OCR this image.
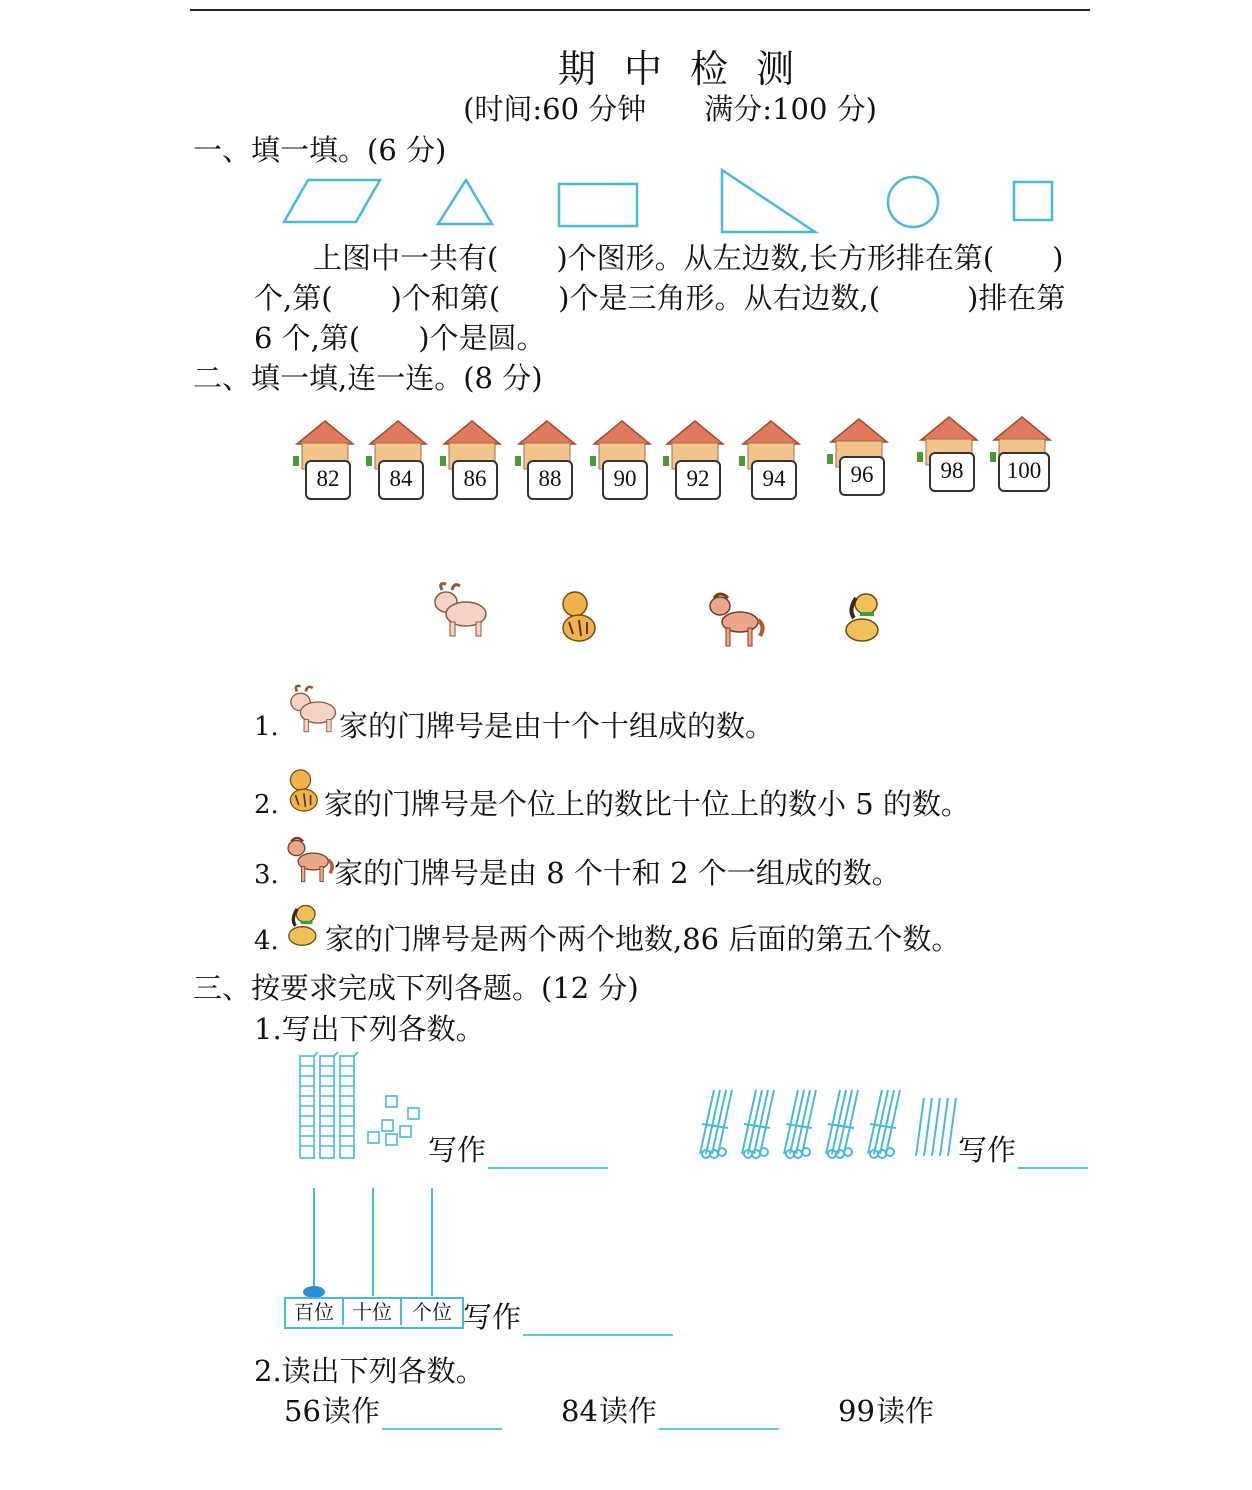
期 中 检 测
(时间:60 分钟　　满分:100 分)
一、填一填。(6 分)
上图中一共有(　　)个图形。从左边数,长方形排在第(　　)
个,第(　　)个和第(　　)个是三角形。从右边数,(　　　)排在第
6 个,第(　　)个是圆。
二、填一填,连一连。(8 分)
82	84	86	88	90	92	94	96	98	100
1. 家的门牌号是由十个十组成的数。
2. 家的门牌号是个位上的数比十位上的数小 5 的数。
3. 家的门牌号是由 8 个十和 2 个一组成的数。
4. 家的门牌号是两个两个地数,86 后面的第五个数。
三、按要求完成下列各题。(12 分)
1.写出下列各数。
写作	写作
百位 十位	个位 写作
2.读出下列各数。
56 读作	84 读作	99 读作
